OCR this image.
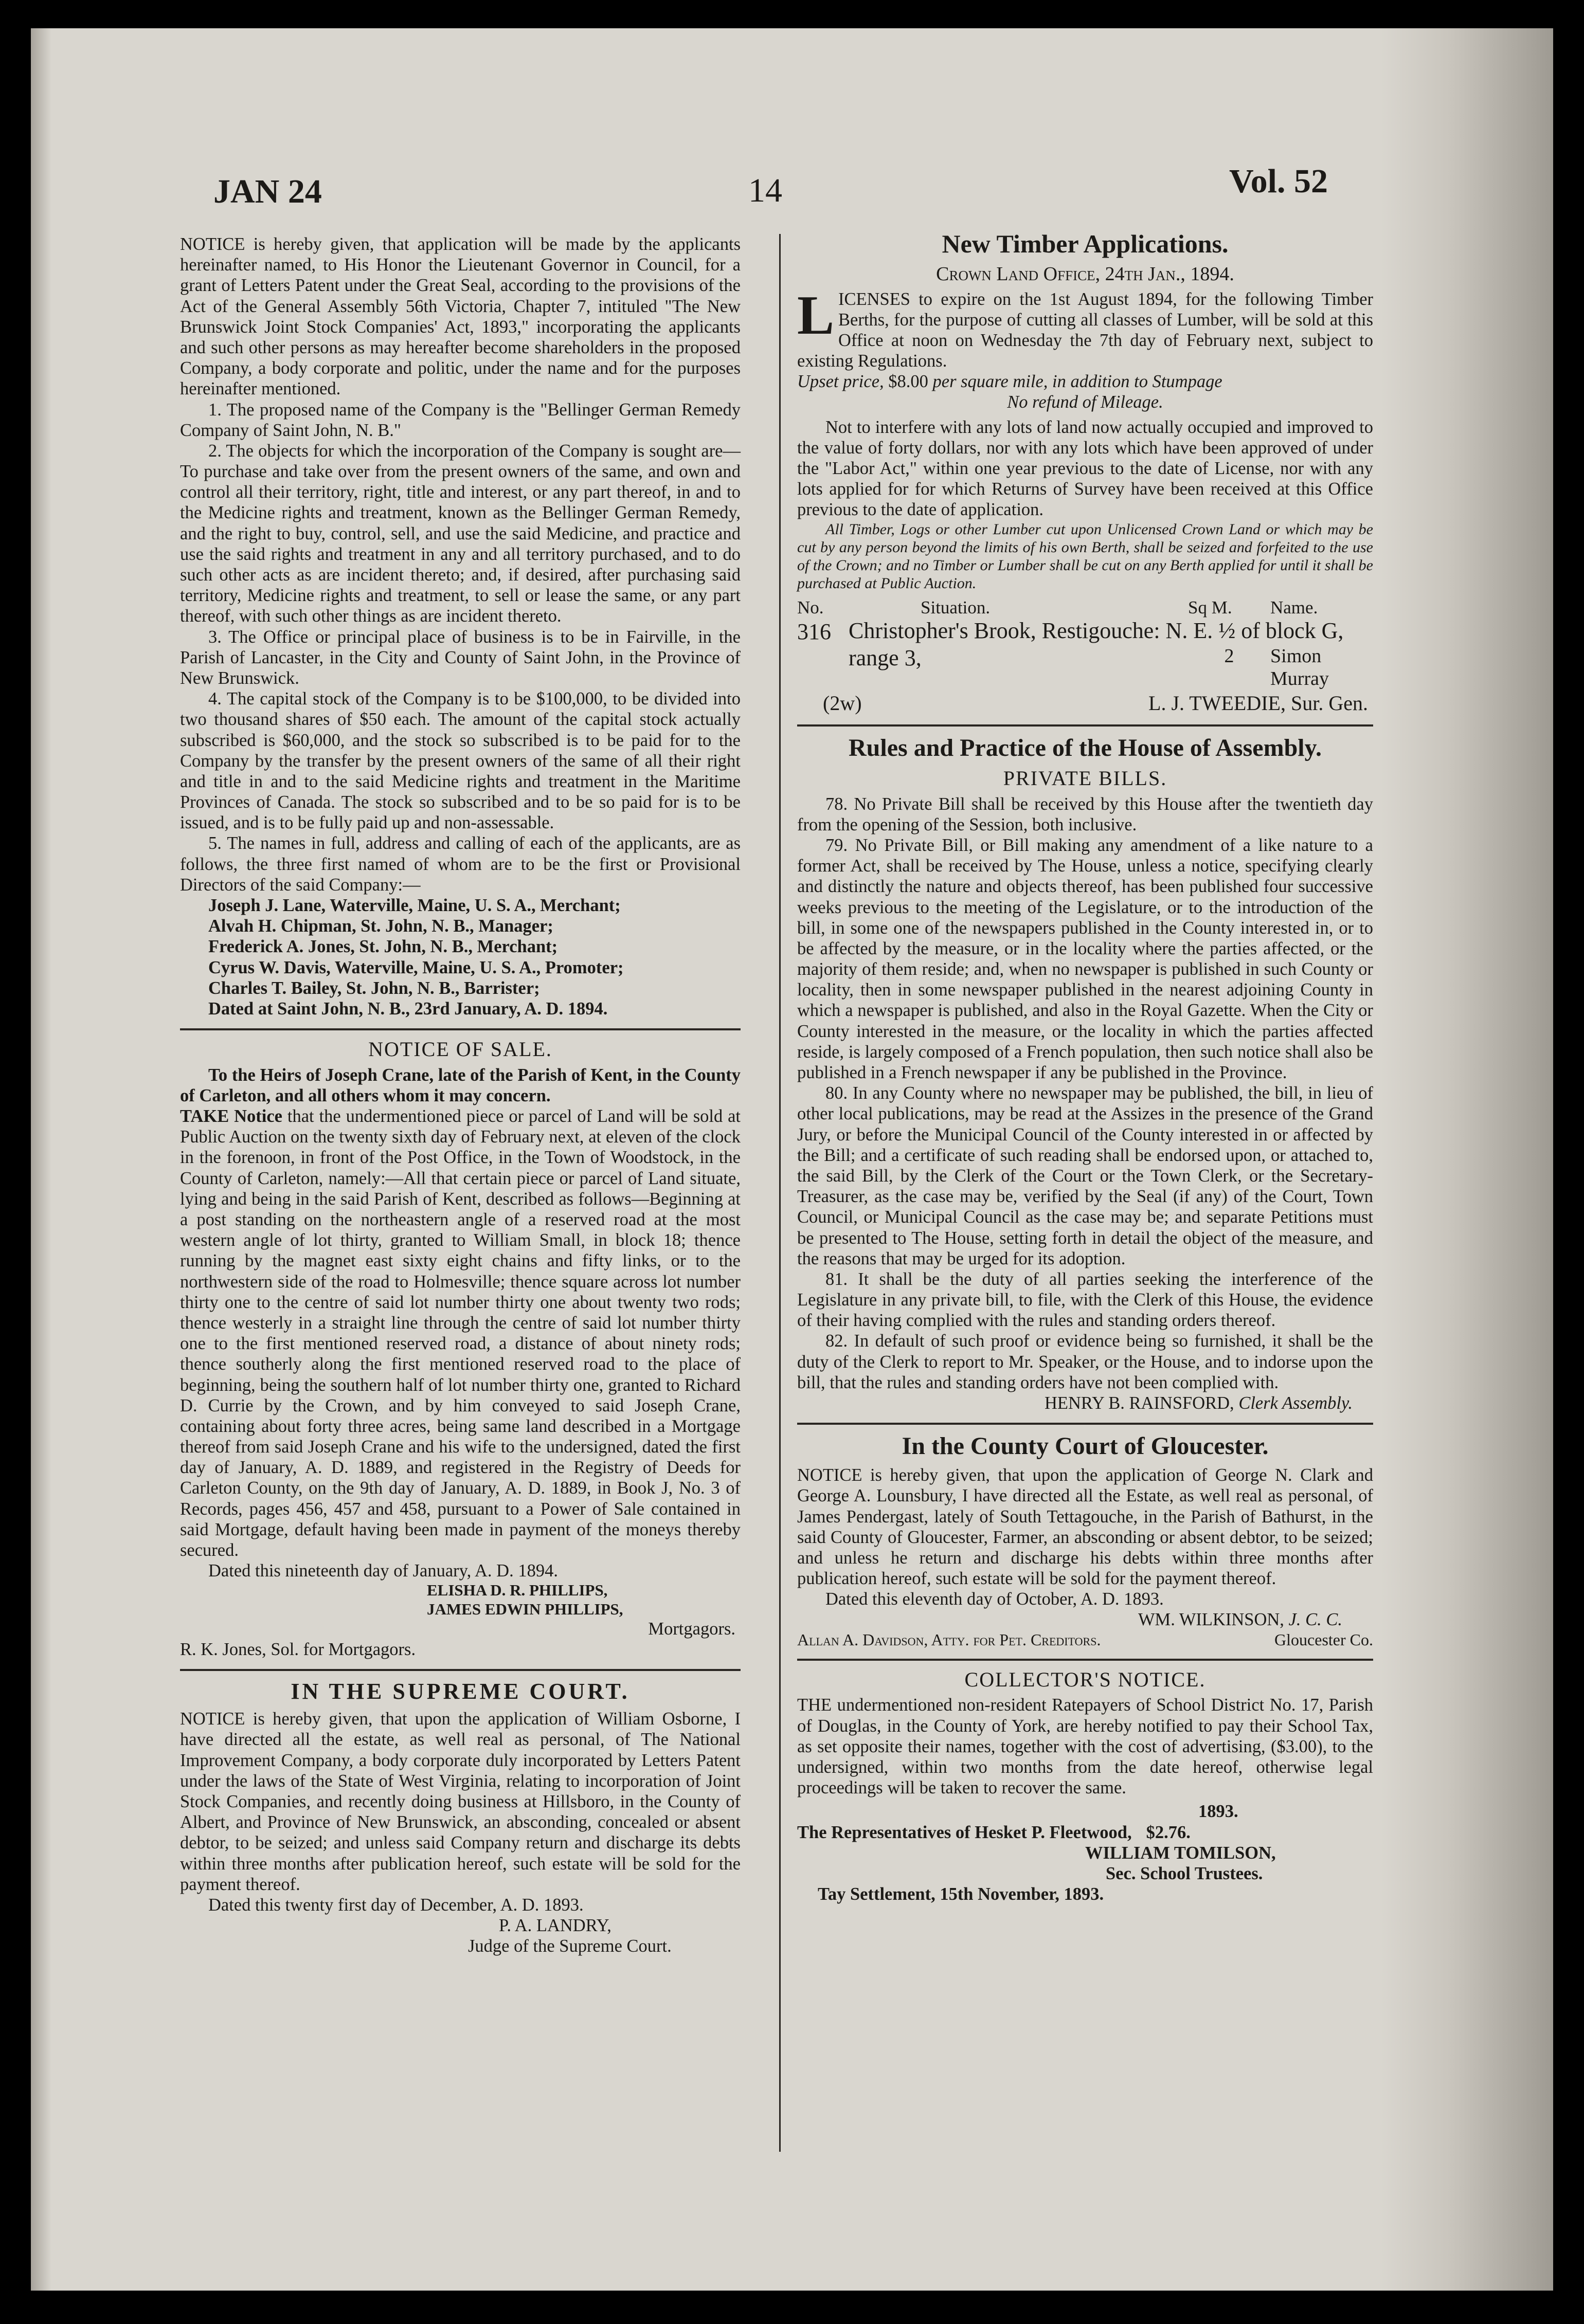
JAN 24	14	Vol. 52

NOTICE is hereby given, that application will be made by the applicants hereinafter named, to His Honor the Lieutenant Governor in Council, for a grant of Letters Patent under the Great Seal, according to the provisions of the Act of the General Assembly 56th Victoria, Chapter 7, intituled "The New Brunswick Joint Stock Companies' Act, 1893," incorporating the applicants and such other persons as may hereafter become shareholders in the proposed Company, a body corporate and politic, under the name and for the purposes hereinafter mentioned.

1. The proposed name of the Company is the "Bellinger German Remedy Company of Saint John, N. B."

2. The objects for which the incorporation of the Company is sought are—To purchase and take over from the present owners of the same, and own and control all their territory, right, title and interest, or any part thereof, in and to the Medicine rights and treatment, known as the Bellinger German Remedy, and the right to buy, control, sell, and use the said Medicine, and practice and use the said rights and treatment in any and all territory purchased, and to do such other acts as are incident thereto; and, if desired, after purchasing said territory, Medicine rights and treatment, to sell or lease the same, or any part thereof, with such other things as are incident thereto.

3. The Office or principal place of business is to be in Fairville, in the Parish of Lancaster, in the City and County of Saint John, in the Province of New Brunswick.

4. The capital stock of the Company is to be $100,000, to be divided into two thousand shares of $50 each. The amount of the capital stock actually subscribed is $60,000, and the stock so subscribed is to be paid for to the Company by the transfer by the present owners of the same of all their right and title in and to the said Medicine rights and treatment in the Maritime Provinces of Canada. The stock so subscribed and to be so paid for is to be issued, and is to be fully paid up and non-assessable.

5. The names in full, address and calling of each of the applicants, are as follows, the three first named of whom are to be the first or Provisional Directors of the said Company:—

Joseph J. Lane, Waterville, Maine, U. S. A., Merchant;

Alvah H. Chipman, St. John, N. B., Manager;

Frederick A. Jones, St. John, N. B., Merchant;

Cyrus W. Davis, Waterville, Maine, U. S. A., Promoter;

Charles T. Bailey, St. John, N. B., Barrister;

Dated at Saint John, N. B., 23rd January, A. D. 1894.

NOTICE OF SALE.

To the Heirs of Joseph Crane, late of the Parish of Kent, in the County of Carleton, and all others whom it may concern.

TAKE Notice that the undermentioned piece or parcel of Land will be sold at Public Auction on the twenty sixth day of February next, at eleven of the clock in the forenoon, in front of the Post Office, in the Town of Woodstock, in the County of Carleton, namely:—All that certain piece or parcel of Land situate, lying and being in the said Parish of Kent, described as follows—Beginning at a post standing on the northeastern angle of a reserved road at the most western angle of lot thirty, granted to William Small, in block 18; thence running by the magnet east sixty eight chains and fifty links, or to the northwestern side of the road to Holmesville; thence square across lot number thirty one to the centre of said lot number thirty one about twenty two rods; thence westerly in a straight line through the centre of said lot number thirty one to the first mentioned reserved road, a distance of about ninety rods; thence southerly along the first mentioned reserved road to the place of beginning, being the southern half of lot number thirty one, granted to Richard D. Currie by the Crown, and by him conveyed to said Joseph Crane, containing about forty three acres, being same land described in a Mortgage thereof from said Joseph Crane and his wife to the undersigned, dated the first day of January, A. D. 1889, and registered in the Registry of Deeds for Carleton County, on the 9th day of January, A. D. 1889, in Book J, No. 3 of Records, pages 456, 457 and 458, pursuant to a Power of Sale contained in said Mortgage, default having been made in payment of the moneys thereby secured.

Dated this nineteenth day of January, A. D. 1894.

ELISHA D. R. PHILLIPS,

JAMES EDWIN PHILLIPS,

Mortgagors.

R. K. Jones, Sol. for Mortgagors.

IN THE SUPREME COURT.

NOTICE is hereby given, that upon the application of William Osborne, I have directed all the estate, as well real as personal, of The National Improvement Company, a body corporate duly incorporated by Letters Patent under the laws of the State of West Virginia, relating to incorporation of Joint Stock Companies, and recently doing business at Hillsboro, in the County of Albert, and Province of New Brunswick, an absconding, concealed or absent debtor, to be seized; and unless said Company return and discharge its debts within three months after publication hereof, such estate will be sold for the payment thereof.

Dated this twenty first day of December, A. D. 1893.

P. A. LANDRY,

Judge of the Supreme Court.

New Timber Applications.

Crown Land Office, 24th Jan., 1894.

LICENSES to expire on the 1st August 1894, for the following Timber Berths, for the purpose of cutting all classes of Lumber, will be sold at this Office at noon on Wednesday the 7th day of February next, subject to existing Regulations.

Upset price, $8.00 per square mile, in addition to Stumpage

No refund of Mileage.

Not to interfere with any lots of land now actually occupied and improved to the value of forty dollars, nor with any lots which have been approved of under the "Labor Act," within one year previous to the date of License, nor with any lots applied for for which Returns of Survey have been received at this Office previous to the date of application.

All Timber, Logs or other Lumber cut upon Unlicensed Crown Land or which may be cut by any person beyond the limits of his own Berth, shall be seized and forfeited to the use of the Crown; and no Timber or Lumber shall be cut on any Berth applied for until it shall be purchased at Public Auction.

No.	Situation.	Sq M.	Name.
316 Christopher's Brook, Restigouche: N. E. ½ of block G,
range 3,	2	Simon Murray
(2w)	L. J. TWEEDIE, Sur. Gen.
Rules and Practice of the House of Assembly.
PRIVATE BILLS.

78. No Private Bill shall be received by this House after the twentieth day from the opening of the Session, both inclusive.

79. No Private Bill, or Bill making any amendment of a like nature to a former Act, shall be received by The House, unless a notice, specifying clearly and distinctly the nature and objects thereof, has been published four successive weeks previous to the meeting of the Legislature, or to the introduction of the bill, in some one of the newspapers published in the County interested in, or to be affected by the measure, or in the locality where the parties affected, or the majority of them reside; and, when no newspaper is published in such County or locality, then in some newspaper published in the nearest adjoining County in which a newspaper is published, and also in the Royal Gazette. When the City or County interested in the measure, or the locality in which the parties affected reside, is largely composed of a French population, then such notice shall also be published in a French newspaper if any be published in the Province.

80. In any County where no newspaper may be published, the bill, in lieu of other local publications, may be read at the Assizes in the presence of the Grand Jury, or before the Municipal Council of the County interested in or affected by the Bill; and a certificate of such reading shall be endorsed upon, or attached to, the said Bill, by the Clerk of the Court or the Town Clerk, or the Secretary-Treasurer, as the case may be, verified by the Seal (if any) of the Court, Town Council, or Municipal Council as the case may be; and separate Petitions must be presented to The House, setting forth in detail the object of the measure, and the reasons that may be urged for its adoption.

81. It shall be the duty of all parties seeking the interference of the Legislature in any private bill, to file, with the Clerk of this House, the evidence of their having complied with the rules and standing orders thereof.

82. In default of such proof or evidence being so furnished, it shall be the duty of the Clerk to report to Mr. Speaker, or the House, and to indorse upon the bill, that the rules and standing orders have not been complied with.

HENRY B. RAINSFORD, Clerk Assembly.

In the County Court of Gloucester.

NOTICE is hereby given, that upon the application of George N. Clark and George A. Lounsbury, I have directed all the Estate, as well real as personal, of James Pendergast, lately of South Tettagouche, in the Parish of Bathurst, in the said County of Gloucester, Farmer, an absconding or absent debtor, to be seized; and unless he return and discharge his debts within three months after publication hereof, such estate will be sold for the payment thereof.

Dated this eleventh day of October, A. D. 1893.

WM. WILKINSON, J. C. C.

Allan A. Davidson, Atty. for Pet. Creditors.	Gloucester Co.
COLLECTOR'S NOTICE.

THE undermentioned non-resident Ratepayers of School District No. 17, Parish of Douglas, in the County of York, are hereby notified to pay their School Tax, as set opposite their names, together with the cost of advertising, ($3.00), to the undersigned, within two months from the date hereof, otherwise legal proceedings will be taken to recover the same.

1893.

The Representatives of Hesket P. Fleetwood, $2.76.

WILLIAM TOMILSON,

Sec. School Trustees.

Tay Settlement, 15th November, 1893.
